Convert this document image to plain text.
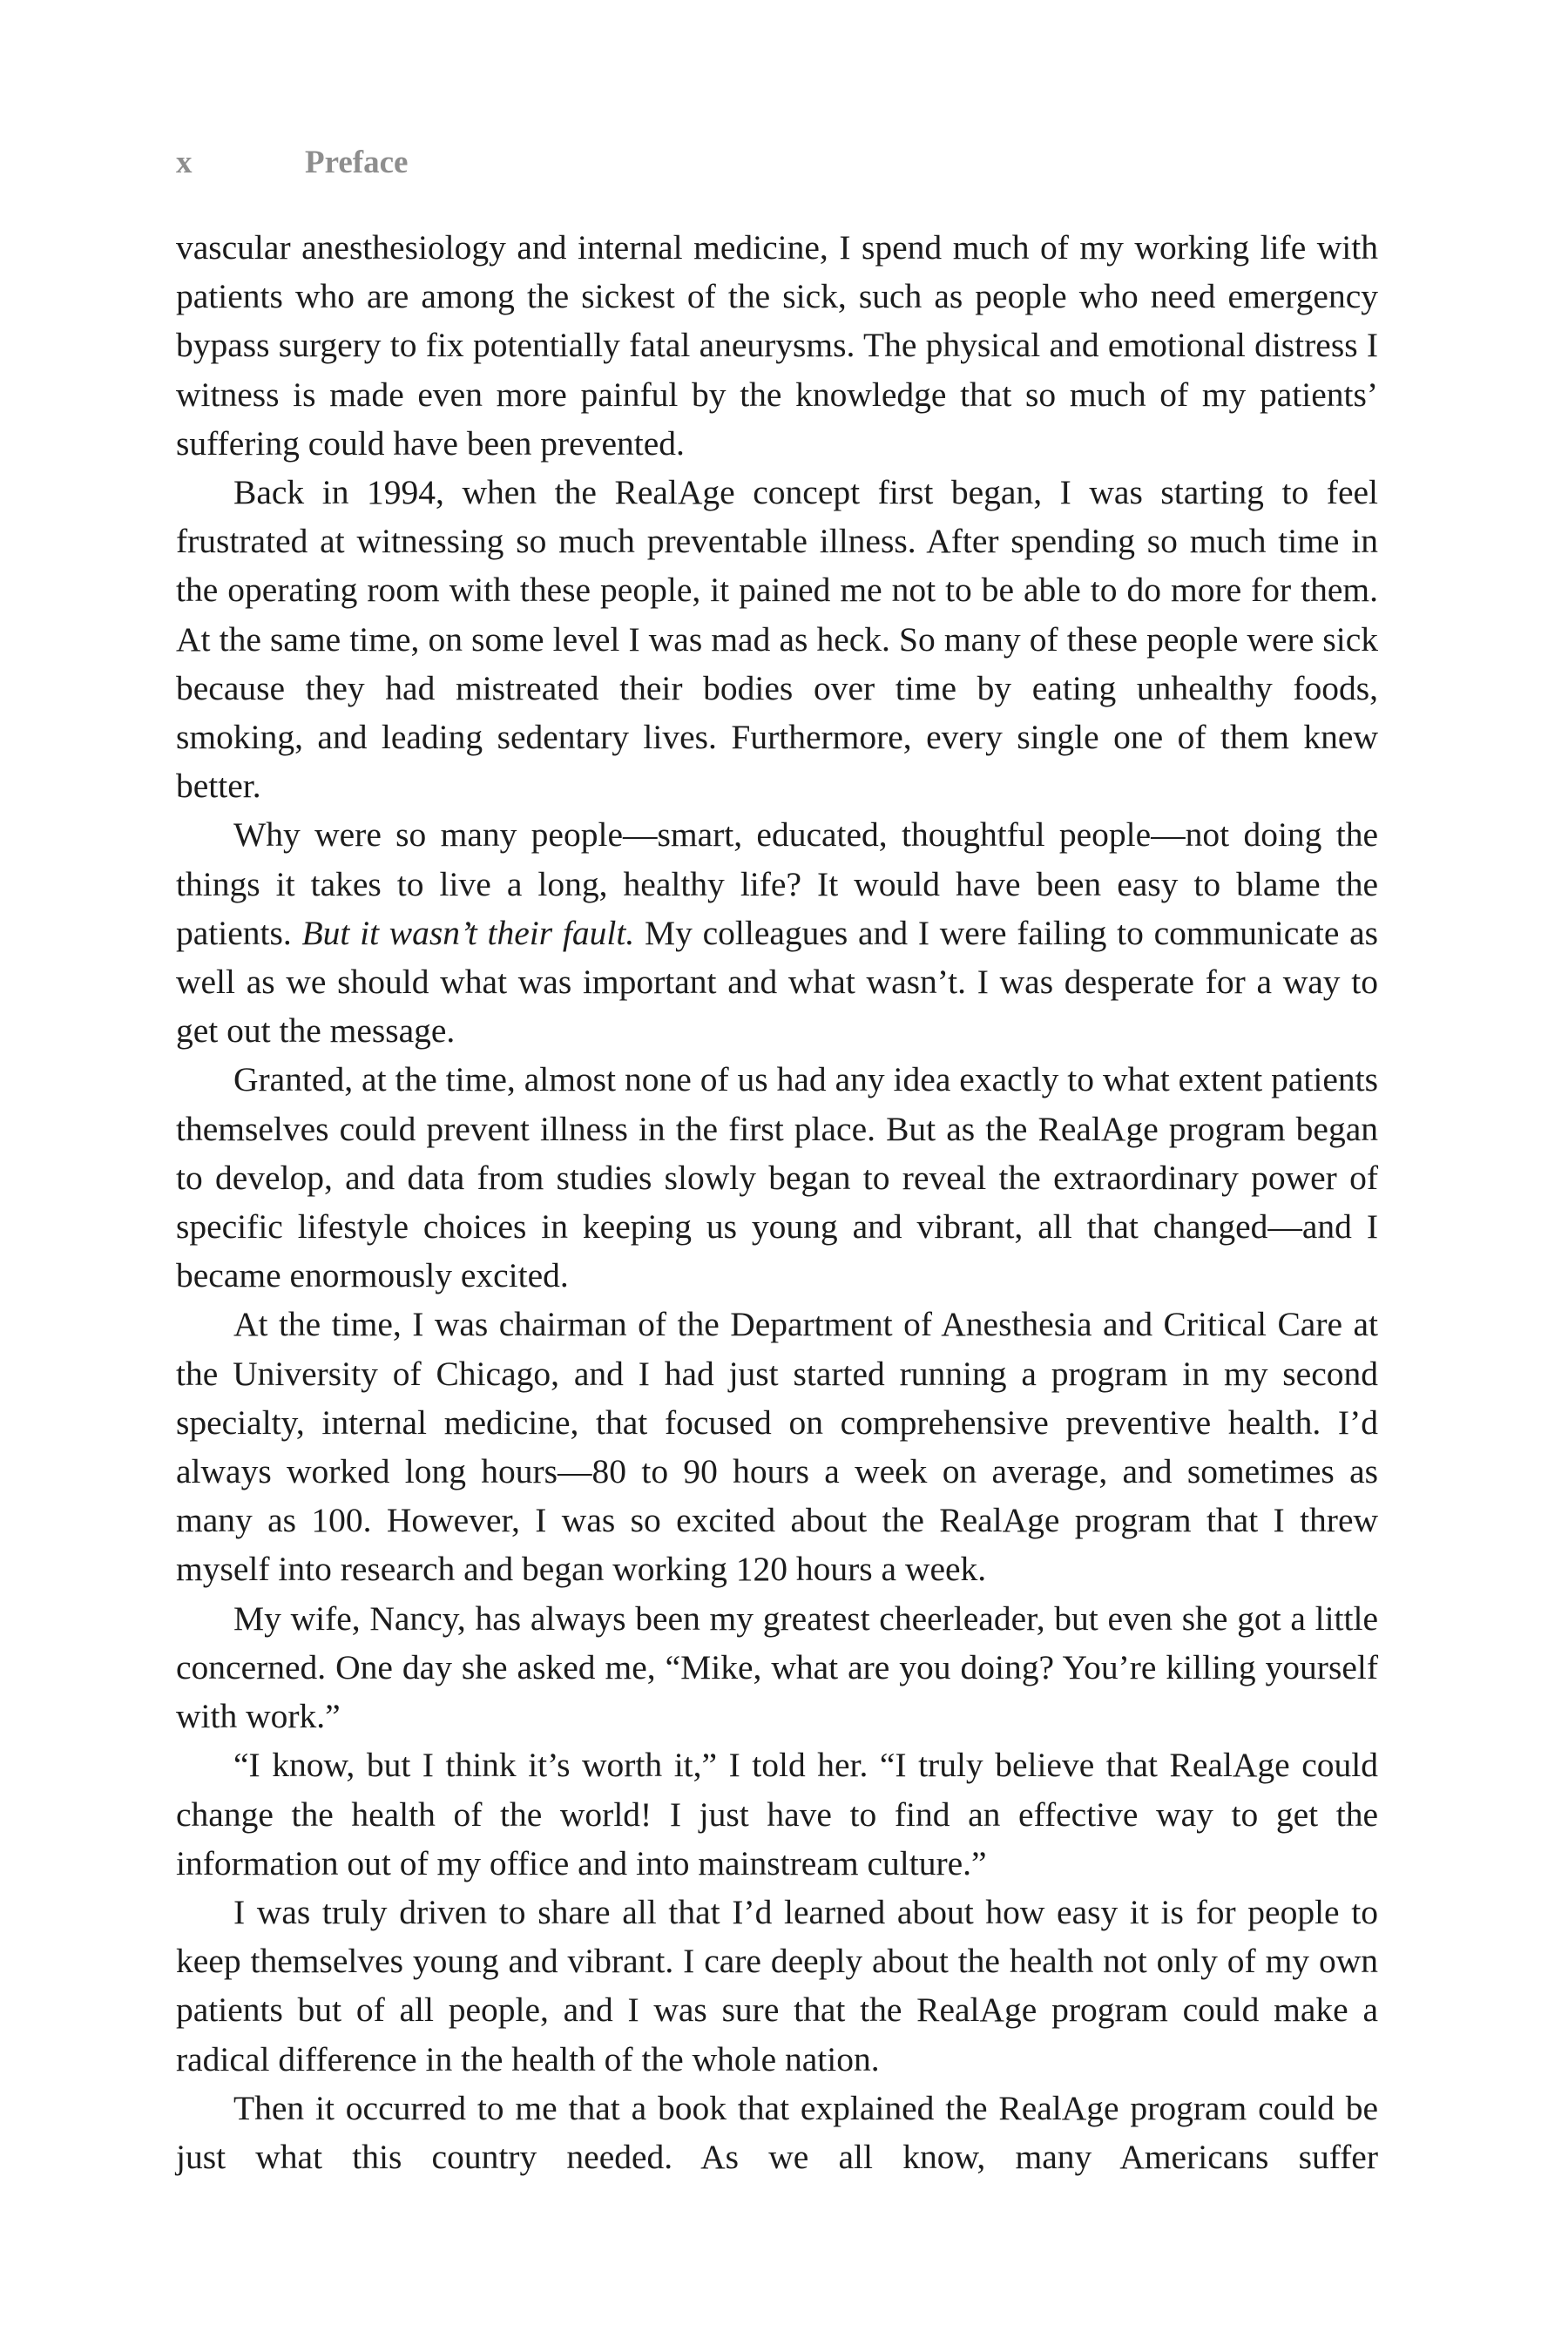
x	Preface

vascular anesthesiology and internal medicine, I spend much of my working life with patients who are among the sickest of the sick, such as people who need emergency bypass surgery to fix potentially fatal aneurysms. The physical and emotional distress I witness is made even more painful by the knowledge that so much of my patients’ suffering could have been prevented.

Back in 1994, when the RealAge concept first began, I was starting to feel frustrated at witnessing so much preventable illness. After spending so much time in the operating room with these people, it pained me not to be able to do more for them. At the same time, on some level I was mad as heck. So many of these people were sick because they had mistreated their bodies over time by eating unhealthy foods, smoking, and leading sedentary lives. Furthermore, every single one of them knew better.

Why were so many people—smart, educated, thoughtful people—not doing the things it takes to live a long, healthy life? It would have been easy to blame the patients. But it wasn’t their fault. My colleagues and I were failing to communicate as well as we should what was important and what wasn’t. I was desperate for a way to get out the message.

Granted, at the time, almost none of us had any idea exactly to what extent patients themselves could prevent illness in the first place. But as the RealAge program began to develop, and data from studies slowly began to reveal the extraordinary power of specific lifestyle choices in keeping us young and vibrant, all that changed—and I became enormously excited.

At the time, I was chairman of the Department of Anesthesia and Critical Care at the University of Chicago, and I had just started running a program in my second specialty, internal medicine, that focused on comprehensive preventive health. I’d always worked long hours—80 to 90 hours a week on average, and sometimes as many as 100. However, I was so excited about the RealAge program that I threw myself into research and began working 120 hours a week.

My wife, Nancy, has always been my greatest cheerleader, but even she got a little concerned. One day she asked me, “Mike, what are you doing? You’re killing yourself with work.”

“I know, but I think it’s worth it,” I told her. “I truly believe that RealAge could change the health of the world! I just have to find an effective way to get the information out of my office and into mainstream culture.”

I was truly driven to share all that I’d learned about how easy it is for people to keep themselves young and vibrant. I care deeply about the health not only of my own patients but of all people, and I was sure that the RealAge program could make a radical difference in the health of the whole nation.

Then it occurred to me that a book that explained the RealAge program could be just what this country needed. As we all know, many Americans suffer
